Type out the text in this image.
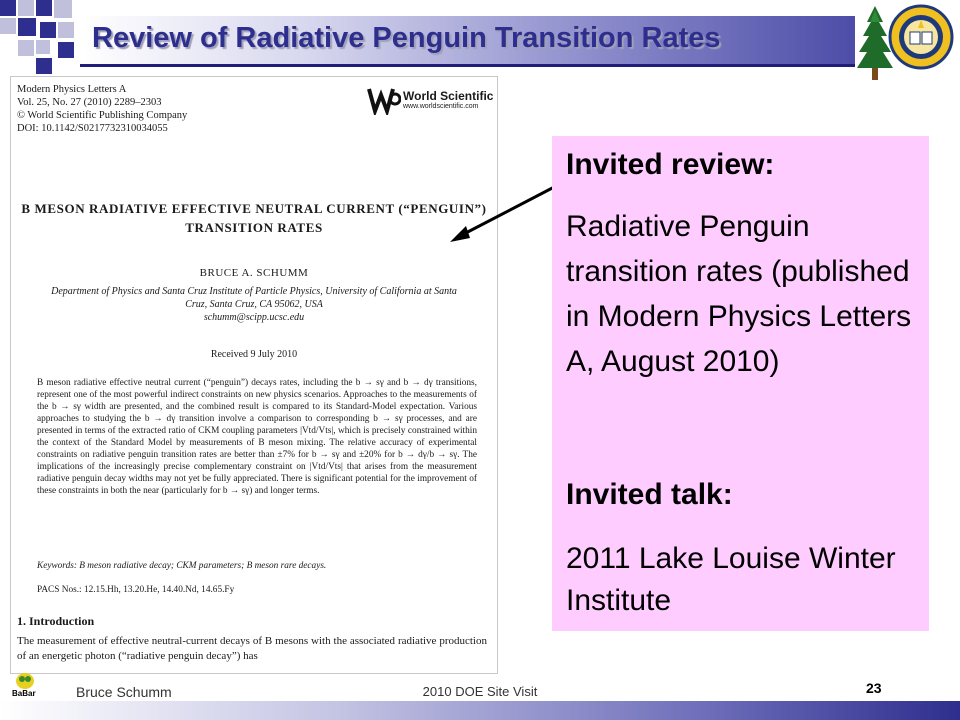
Review of Radiative Penguin Transition Rates
Modern Physics Letters A
Vol. 25, No. 27 (2010) 2289–2303
© World Scientific Publishing Company
DOI: 10.1142/S0217732310034055
World Scientific
www.worldscientific.com
B MESON RADIATIVE EFFECTIVE NEUTRAL CURRENT (“PENGUIN”) TRANSITION RATES
BRUCE A. SCHUMM
Department of Physics and Santa Cruz Institute of Particle Physics, University of California at Santa Cruz, Santa Cruz, CA 95062, USA
schumm@scipp.ucsc.edu
Received 9 July 2010
B meson radiative effective neutral current (“penguin”) decays rates, including the b → sγ and b → dγ transitions, represent one of the most powerful indirect constraints on new physics scenarios. Approaches to the measurements of the b → sγ width are presented, and the combined result is compared to its Standard-Model expectation. Various approaches to studying the b → dγ transition involve a comparison to corresponding b → sγ processes, and are presented in terms of the extracted ratio of CKM coupling parameters |Vtd/Vts|, which is precisely constrained within the context of the Standard Model by measurements of B meson mixing. The relative accuracy of experimental constraints on radiative penguin transition rates are better than ±7% for b → sγ and ±20% for b → dγ/b → sγ. The implications of the increasingly precise complementary constraint on |Vtd/Vts| that arises from the measurement radiative penguin decay widths may not yet be fully appreciated. There is significant potential for the improvement of these constraints in both the near (particularly for b → sγ) and longer terms.
Keywords: B meson radiative decay; CKM parameters; B meson rare decays.
PACS Nos.: 12.15.Hh, 13.20.He, 14.40.Nd, 14.65.Fy
1. Introduction
The measurement of effective neutral-current decays of B mesons with the associated radiative production of an energetic photon (“radiative penguin decay”) has
Invited review:
Radiative Penguin transition rates (published in Modern Physics Letters A, August 2010)
Invited talk:
2011 Lake Louise Winter Institute
BaBar	Bruce Schumm	2010 DOE Site Visit	23
